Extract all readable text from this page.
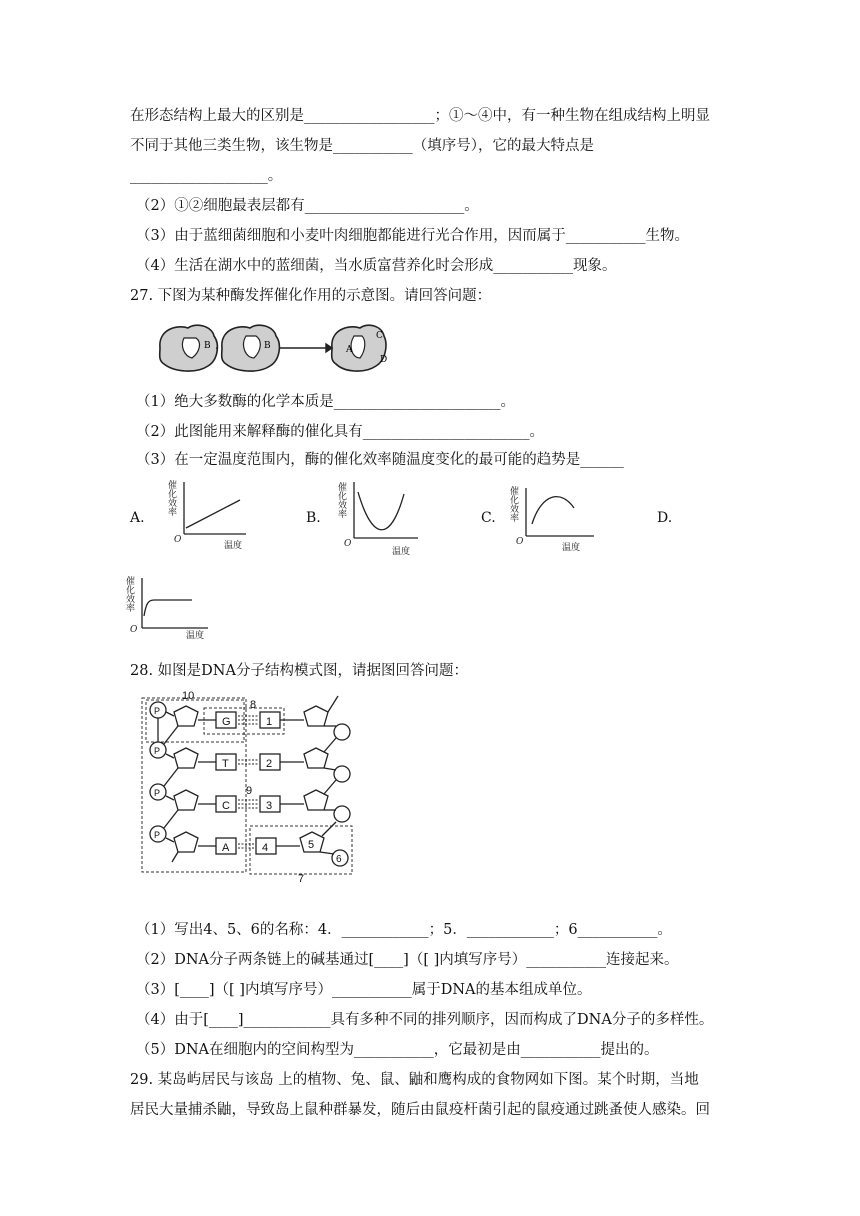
在形态结构上最大的区别是__________________；①～④中，有一种生物在组成结构上明显
不同于其他三类生物，该生物是___________（填序号），它的最大特点是
___________________。
（2）①②细胞最表层都有______________________。
（3）由于蓝细菌细胞和小麦叶肉细胞都能进行光合作用，因而属于___________生物。
（4）生活在湖水中的蓝细菌，当水质富营养化时会形成___________现象。
27. 下图为某种酶发挥催化作用的示意图。请回答问题：
B	B	A
C
D
（1）绝大多数酶的化学本质是_______________________。
（2）此图能用来解释酶的催化具有_______________________。
（3）在一定温度范围内，酶的催化效率随温度变化的最可能的趋势是______
A.	B.	C.	D.
催
化
效
率
O
温度
催
化
效
率
O
温度
催
化
效
率
O
温度
催
化
效
率
O
温度
28. 如图是DNA分子结构模式图，请据图回答问题：
P
P
P
P
G
T
C
A
1
2
3
4	5
6
7
8
9
10
（1）写出4、5、6的名称：4．____________；5．____________；6___________。
（2）DNA分子两条链上的碱基通过[____]（[ ]内填写序号）___________连接起来。
（3）[____]（[ ]内填写序号）___________属于DNA的基本组成单位。
（4）由于[____]____________具有多种不同的排列顺序，因而构成了DNA分子的多样性。
（5）DNA在细胞内的空间构型为___________，它最初是由___________提出的。
29. 某岛屿居民与该岛 上的植物、兔、鼠、鼬和鹰构成的食物网如下图。某个时期，当地
居民大量捕杀鼬，导致岛上鼠种群暴发，随后由鼠疫杆菌引起的鼠疫通过跳蚤使人感染。回
